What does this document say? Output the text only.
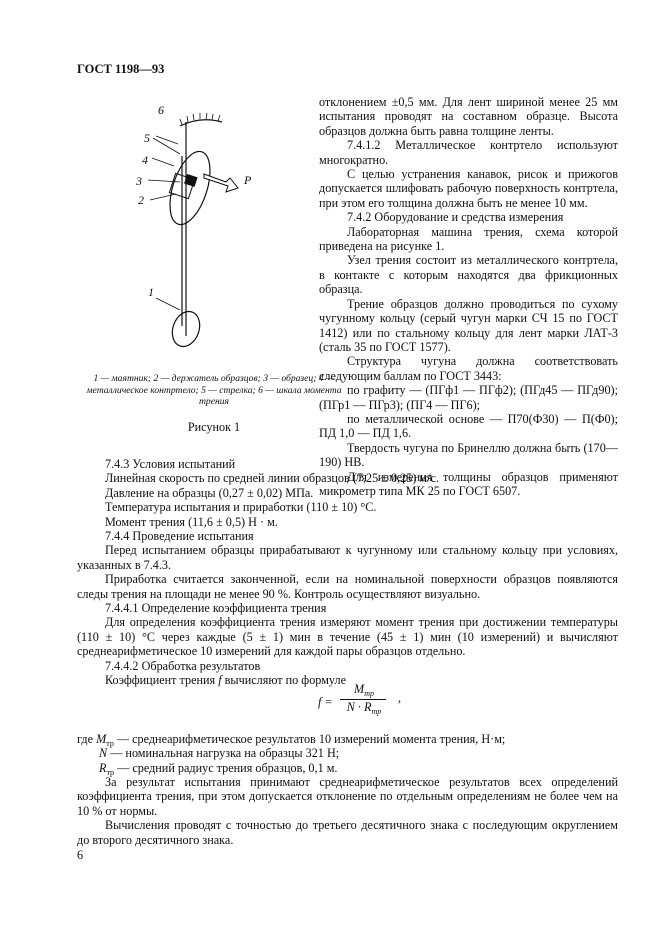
ГОСТ 1198—93
6
5
4
3
2
1
P
1 — маятник; 2 — держатель образцов; 3 — образец; 4 — металлическое контртело; 5 — стрелка; 6 — шкала момента трения
Рисунок 1

отклонением ±0,5 мм. Для лент шириной менее 25 мм испытания проводят на составном образце. Высота образцов должна быть равна толщине ленты.

7.4.1.2 Металлическое контртело используют многократно.

С целью устранения канавок, рисок и прижогов допускается шлифовать рабочую поверхность контртела, при этом его толщина должна быть не менее 10 мм.

7.4.2 Оборудование и средства измерения

Лабораторная машина трения, схема которой приведена на рисунке 1.

Узел трения состоит из металлического контртела, в контакте с которым находятся два фрикционных образца.

Трение образцов должно проводиться по сухому чугунному кольцу (серый чугун марки СЧ 15 по ГОСТ 1412) или по стальному кольцу для лент марки ЛАТ-3 (сталь 35 по ГОСТ 1577).

Структура чугуна должна соответствовать следующим баллам по ГОСТ 3443:

по графиту — (ПГф1 — ПГф2); (ПГд45 — ПГд90); (ПГр1 — ПГр3); (ПГ4 — ПГ6);

по металлической основе — П70(Ф30) — П(Ф0); ПД 1,0 — ПД 1,6.

Твердость чугуна по Бринеллю должна быть (170—190) НВ.

Для измерения толщины образцов применяют микрометр типа МК 25 по ГОСТ 6507.

7.4.3 Условия испытаний

Линейная скорость по средней линии образцов (7,25 ± 0,25) м/с.

Давление на образцы (0,27 ± 0,02) МПа.

Температура испытания и приработки (110 ± 10) °С.

Момент трения (11,6 ± 0,5) Н · м.

7.4.4 Проведение испытания

Перед испытанием образцы прирабатывают к чугунному или стальному кольцу при условиях, указанных в 7.4.3.

Приработка считается законченной, если на номинальной поверхности образцов появляются следы трения на площади не менее 90 %. Контроль осуществляют визуально.

7.4.4.1 Определение коэффициента трения

Для определения коэффициента трения измеряют момент трения при достижении температуры (110 ± 10) °С через каждые (5 ± 1) мин в течение (45 ± 1) мин (10 измерений) и вычисляют среднеарифметическое 10 измерений для каждой пары образцов отдельно.

7.4.4.2 Обработка результатов

Коэффициент трения f вычисляют по формуле

f =
$M_{тр}$
$N \cdot R_{тр}$
,

где $M_{тр}$ — среднеарифметическое результатов 10 измерений момента трения, Н·м;

N — номинальная нагрузка на образцы 321 Н;

$R_{тр}$ — средний радиус трения образцов, 0,1 м.

За результат испытания принимают среднеарифметическое результатов всех определений коэффициента трения, при этом допускается отклонение по отдельным определениям не более чем на 10 % от нормы.

Вычисления проводят с точностью до третьего десятичного знака с последующим округлением до второго десятичного знака.

6
